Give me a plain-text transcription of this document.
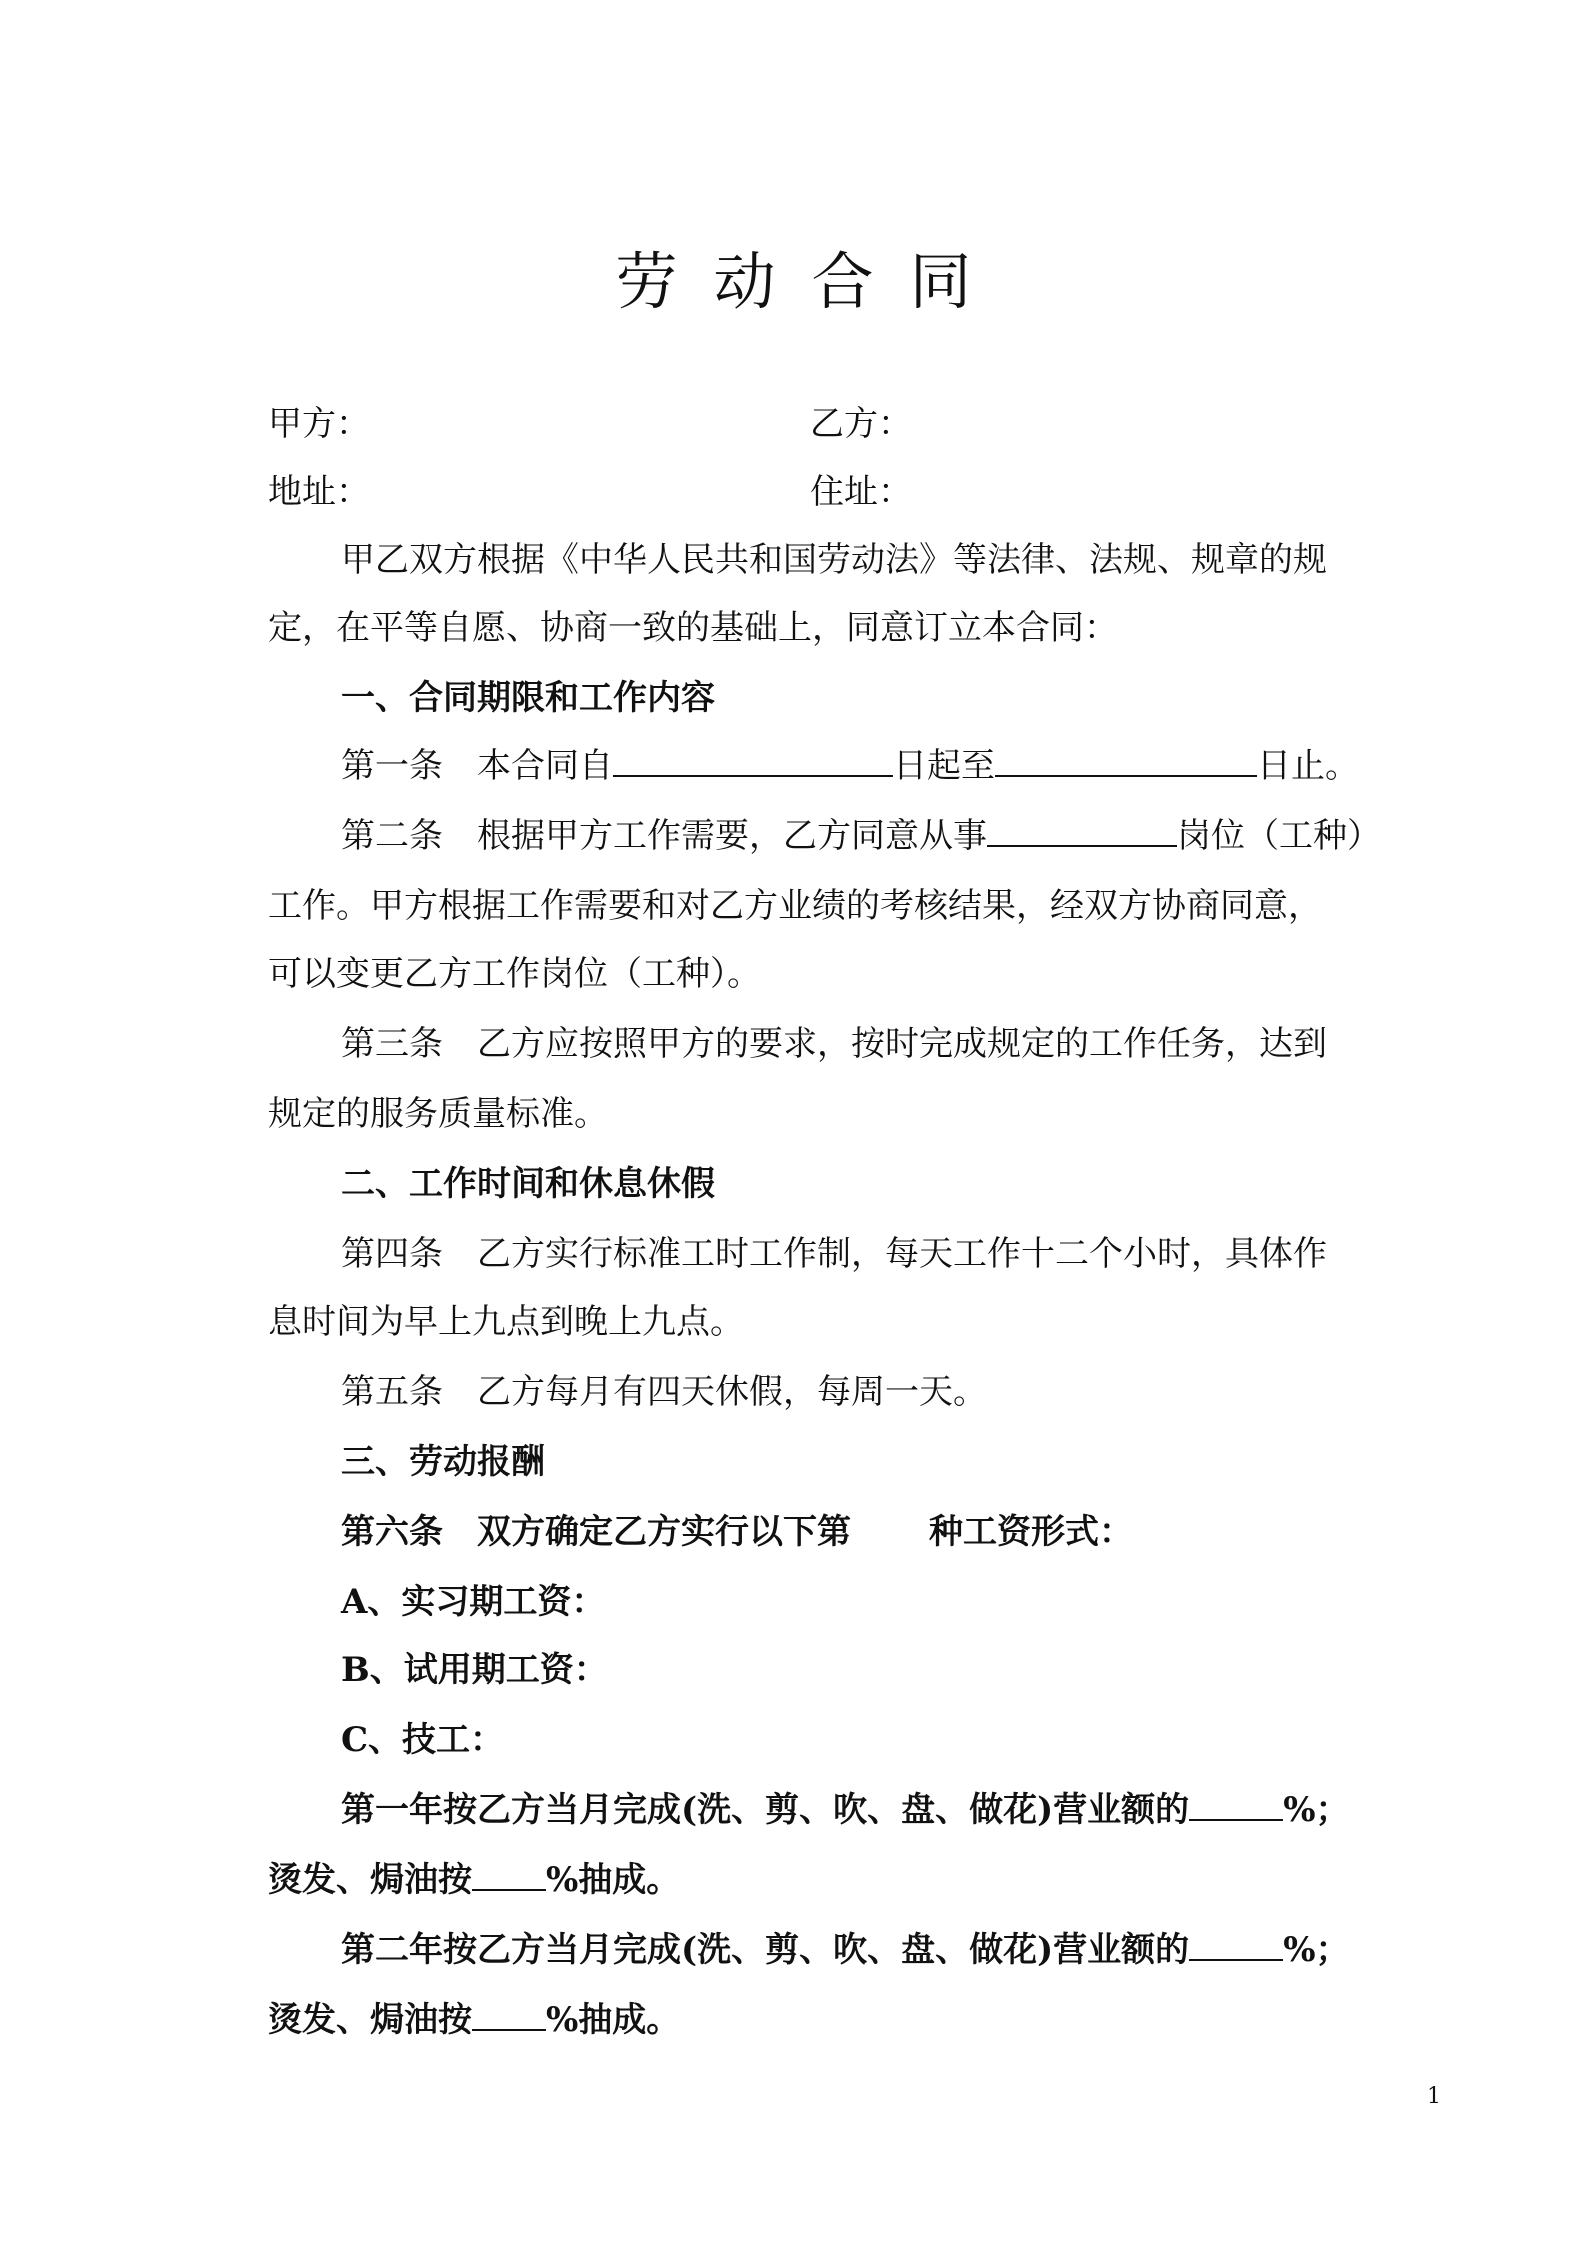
劳动合同
甲方：	乙方：
地址：	住址：
甲乙双方根据《中华人民共和国劳动法》等法律、法规、规章的规
定，在平等自愿、协商一致的基础上，同意订立本合同：
一、合同期限和工作内容
第一条　本合同自	日起至	日止。
第二条　根据甲方工作需要，乙方同意从事	岗位（工种）
工作。甲方根据工作需要和对乙方业绩的考核结果，经双方协商同意，
可以变更乙方工作岗位（工种）。
第三条　乙方应按照甲方的要求，按时完成规定的工作任务，达到
规定的服务质量标准。
二、工作时间和休息休假
第四条　乙方实行标准工时工作制，每天工作十二个小时，具体作
息时间为早上九点到晚上九点。
第五条　乙方每月有四天休假，每周一天。
三、劳动报酬
第六条　双方确定乙方实行以下第 种工资形式：
A、实习期工资：
B、试用期工资：
C、技工：
第一年按乙方当月完成(洗、剪、吹、盘、做花)营业额的	%；
烫发、焗油按 %抽成。
第二年按乙方当月完成(洗、剪、吹、盘、做花)营业额的	%；
烫发、焗油按 %抽成。
1
